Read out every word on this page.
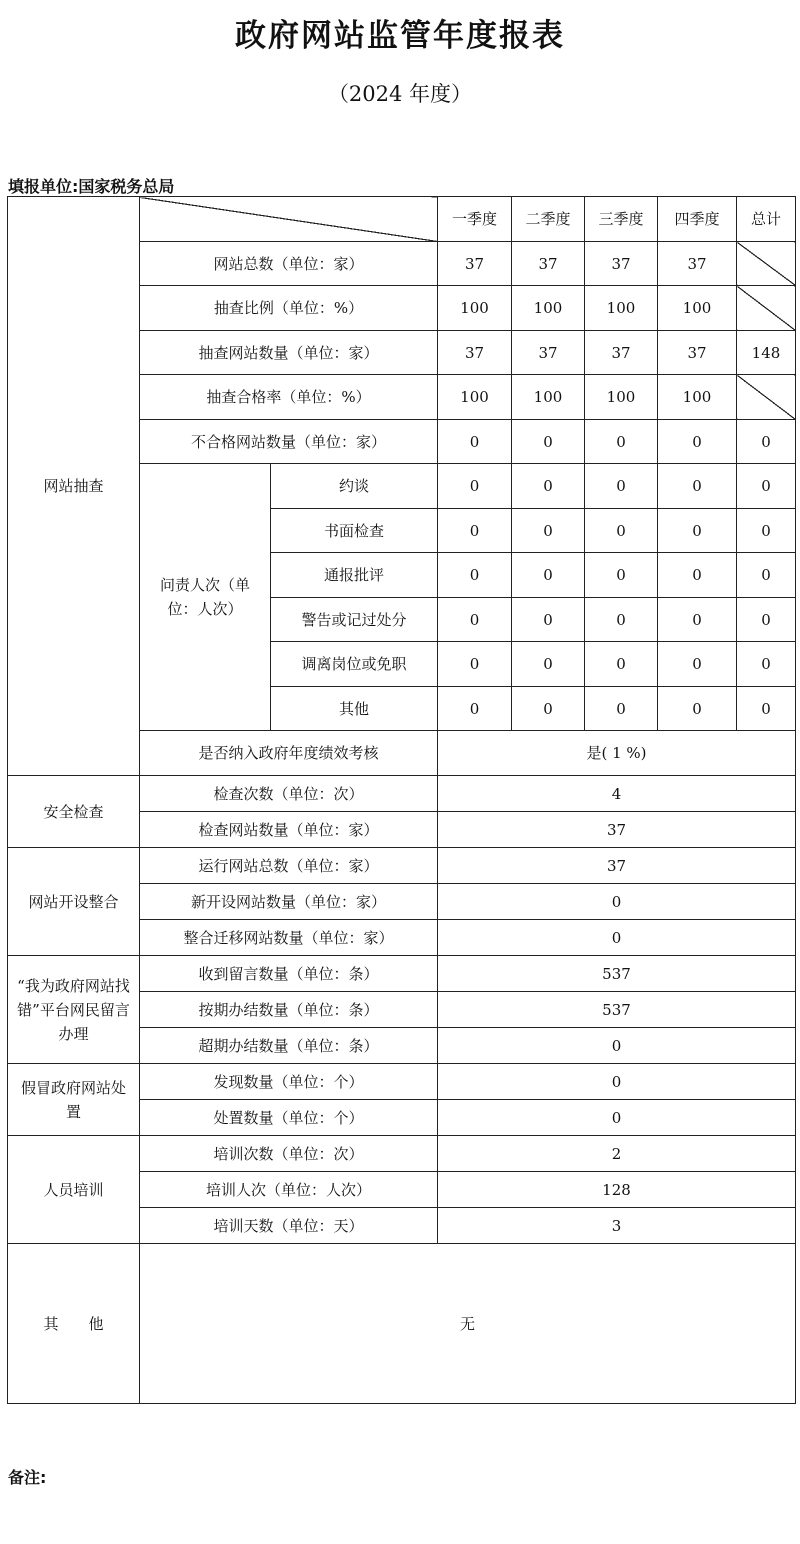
政府网站监管年度报表
（2024 年度）
填报单位:国家税务总局
网站抽查			一季度	二季度	三季度	四季度	总计
	网站总数（单位：家）		37	37	37	37	
	抽查比例（单位：%）		100	100	100	100	
	抽查网站数量（单位：家）		37	37	37	37	148
	抽查合格率（单位：%）		100	100	100	100	
	不合格网站数量（单位：家）		0	0	0	0	0
	问责人次（单位：人次）	约谈	0	0	0	0	0
		书面检查	0	0	0	0	0
		通报批评	0	0	0	0	0
		警告或记过处分	0	0	0	0	0
		调离岗位或免职	0	0	0	0	0
		其他	0	0	0	0	0
	是否纳入政府年度绩效考核		是( 1 %)				
安全检查	检查次数（单位：次）		4				
	检查网站数量（单位：家）		37				
网站开设整合	运行网站总数（单位：家）		37				
	新开设网站数量（单位：家）		0				
	整合迁移网站数量（单位：家）		0				
“我为政府网站找错”平台网民留言办理	收到留言数量（单位：条）		537				
	按期办结数量（单位：条）		537				
	超期办结数量（单位：条）		0				
假冒政府网站处置	发现数量（单位：个）		0				
	处置数量（单位：个）		0				
人员培训	培训次数（单位：次）		2				
	培训人次（单位：人次）		128				
	培训天数（单位：天）		3				
其　　他	无						
备注:
